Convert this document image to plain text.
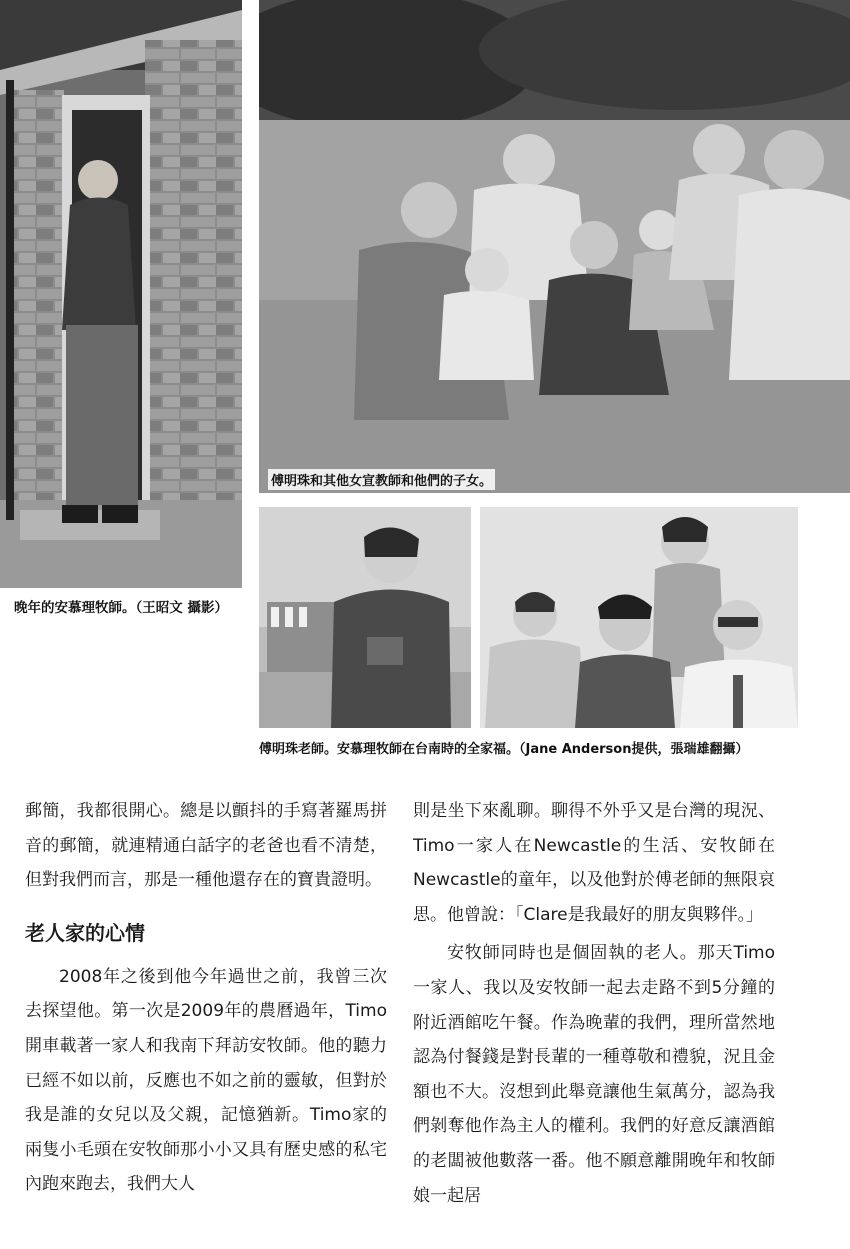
傅明珠和其他女宣教師和他們的子女。
晚年的安慕理牧師。（王昭文 攝影）
傅明珠老師。安慕理牧師在台南時的全家福。（Jane Anderson提供，張瑞雄翻攝）

郵簡，我都很開心。總是以顫抖的手寫著羅馬拼音的郵簡，就連精通白話字的老爸也看不清楚，但對我們而言，那是一種他還存在的寶貴證明。

老人家的心情

2008年之後到他今年過世之前，我曾三次去探望他。第一次是2009年的農曆過年，Timo開車載著一家人和我南下拜訪安牧師。他的聽力已經不如以前，反應也不如之前的靈敏，但對於我是誰的女兒以及父親，記憶猶新。Timo家的兩隻小毛頭在安牧師那小小又具有歷史感的私宅內跑來跑去，我們大人

則是坐下來亂聊。聊得不外乎又是台灣的現況、Timo一家人在Newcastle的生活、安牧師在Newcastle的童年，以及他對於傅老師的無限哀思。他曾說：「Clare是我最好的朋友與夥伴。」

安牧師同時也是個固執的老人。那天Timo一家人、我以及安牧師一起去走路不到5分鐘的附近酒館吃午餐。作為晚輩的我們，理所當然地認為付餐錢是對長輩的一種尊敬和禮貌，況且金額也不大。沒想到此舉竟讓他生氣萬分，認為我們剝奪他作為主人的權利。我們的好意反讓酒館的老闆被他數落一番。他不願意離開晚年和牧師娘一起居
